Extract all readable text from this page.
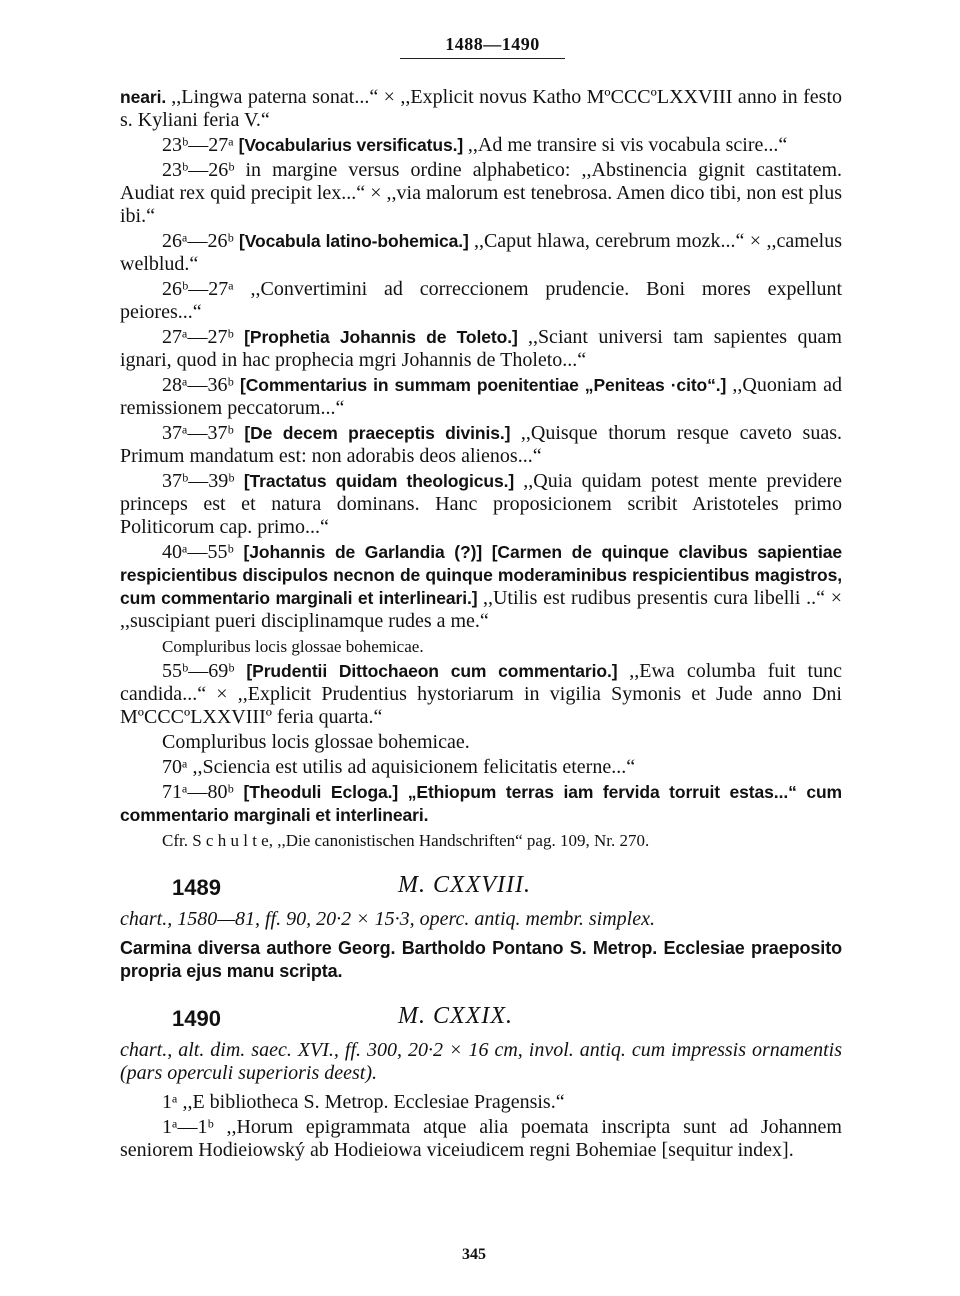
1488—1490

neari. ,,Lingwa paterna sonat...“ × ,,Explicit novus Katho MºCCCºLXXVIII anno in festo s. Kyliani feria V.“

23ᵇ—27ᵃ [Vocabularius versificatus.] ,,Ad me transire si vis vocabula scire...“

23ᵇ—26ᵇ in margine versus ordine alphabetico: ,,Abstinencia gignit castitatem. Audiat rex quid precipit lex...“ × ,,via malorum est tenebrosa. Amen dico tibi, non est plus ibi.“

26ᵃ—26ᵇ [Vocabula latino-bohemica.] ,,Caput hlawa, cerebrum mozk...“ × ,,camelus welblud.“

26ᵇ—27ᵃ ,,Convertimini ad correccionem prudencie. Boni mores expellunt peiores...“

27ᵃ—27ᵇ [Prophetia Johannis de Toleto.] ,,Sciant universi tam sapientes quam ignari, quod in hac prophecia mgri Johannis de Tholeto...“

28ᵃ—36ᵇ [Commentarius in summam poenitentiae „Peniteas ·cito“.] ,,Quoniam ad remissionem peccatorum...“

37ᵃ—37ᵇ [De decem praeceptis divinis.] ,,Quisque thorum resque caveto suas. Primum mandatum est: non adorabis deos alienos...“

37ᵇ—39ᵇ [Tractatus quidam theologicus.] ,,Quia quidam potest mente previdere princeps est et natura dominans. Hanc proposicionem scribit Aristoteles primo Politicorum cap. primo...“

40ᵃ—55ᵇ [Johannis de Garlandia (?)] [Carmen de quinque clavibus sapientiae respicientibus discipulos necnon de quinque moderaminibus respicientibus magistros, cum commentario marginali et interlineari.] ,,Utilis est rudibus presentis cura libelli ..“ × ,,suscipiant pueri disciplinamque rudes a me.“

Compluribus locis glossae bohemicae.

55ᵇ—69ᵇ [Prudentii Dittochaeon cum commentario.] ,,Ewa columba fuit tunc candida...“ × ,,Explicit Prudentius hystoriarum in vigilia Symonis et Jude anno Dni MºCCCºLXXVIIIº feria quarta.“

Compluribus locis glossae bohemicae.

70ᵃ ,,Sciencia est utilis ad aquisicionem felicitatis eterne...“

71ᵃ—80ᵇ [Theoduli Ecloga.] „Ethiopum terras iam fervida torruit estas...“ cum commentario marginali et interlineari.

Cfr. S c h u l t e, ,,Die canonistischen Handschriften“ pag. 109, Nr. 270.

1489	M. CXXVIII.

chart., 1580—81, ff. 90, 20·2 × 15·3, operc. antiq. membr. simplex.

Carmina diversa authore Georg. Bartholdo Pontano S. Metrop. Ecclesiae praeposito propria ejus manu scripta.

1490	M. CXXIX.

chart., alt. dim. saec. XVI., ff. 300, 20·2 × 16 cm, invol. antiq. cum impressis ornamentis (pars operculi superioris deest).

1ᵃ ,,E bibliotheca S. Metrop. Ecclesiae Pragensis.“

1ᵃ—1ᵇ ,,Horum epigrammata atque alia poemata inscripta sunt ad Johannem seniorem Hodieiowský ab Hodieiowa viceiudicem regni Bohemiae [sequitur index].

345
